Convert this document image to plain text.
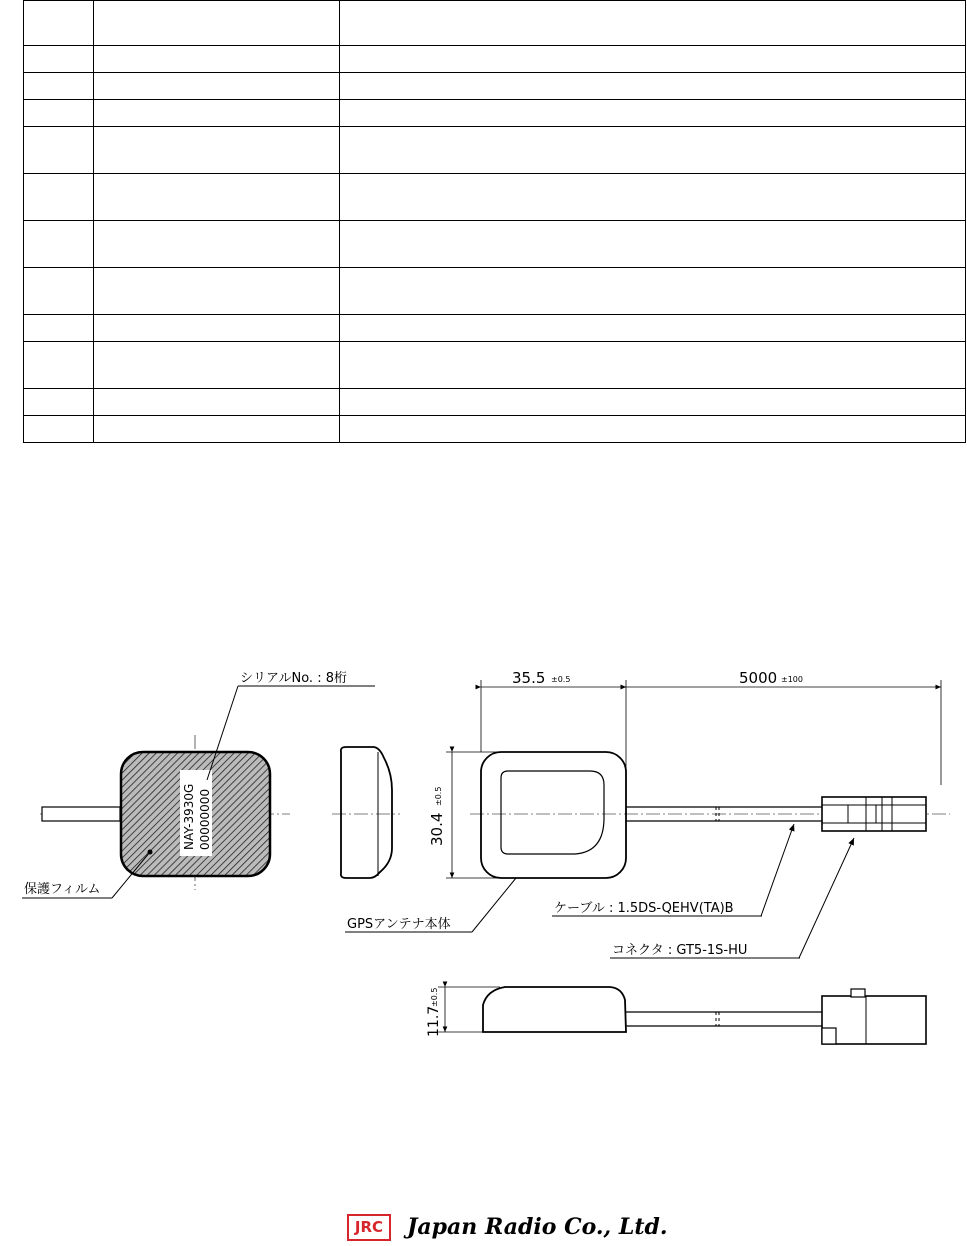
NAY-3930G 00000000
シリアルNo. : 8桁
保護フィルム
35.5 ±0.5	5000 ±100
30.4
±0.5
GPSアンテナ本体
ケーブル : 1.5DS-QEHV(TA)B
コネクタ : GT5-1S-HU
11.7
±0.5
JRC	Japan Radio Co., Ltd.
